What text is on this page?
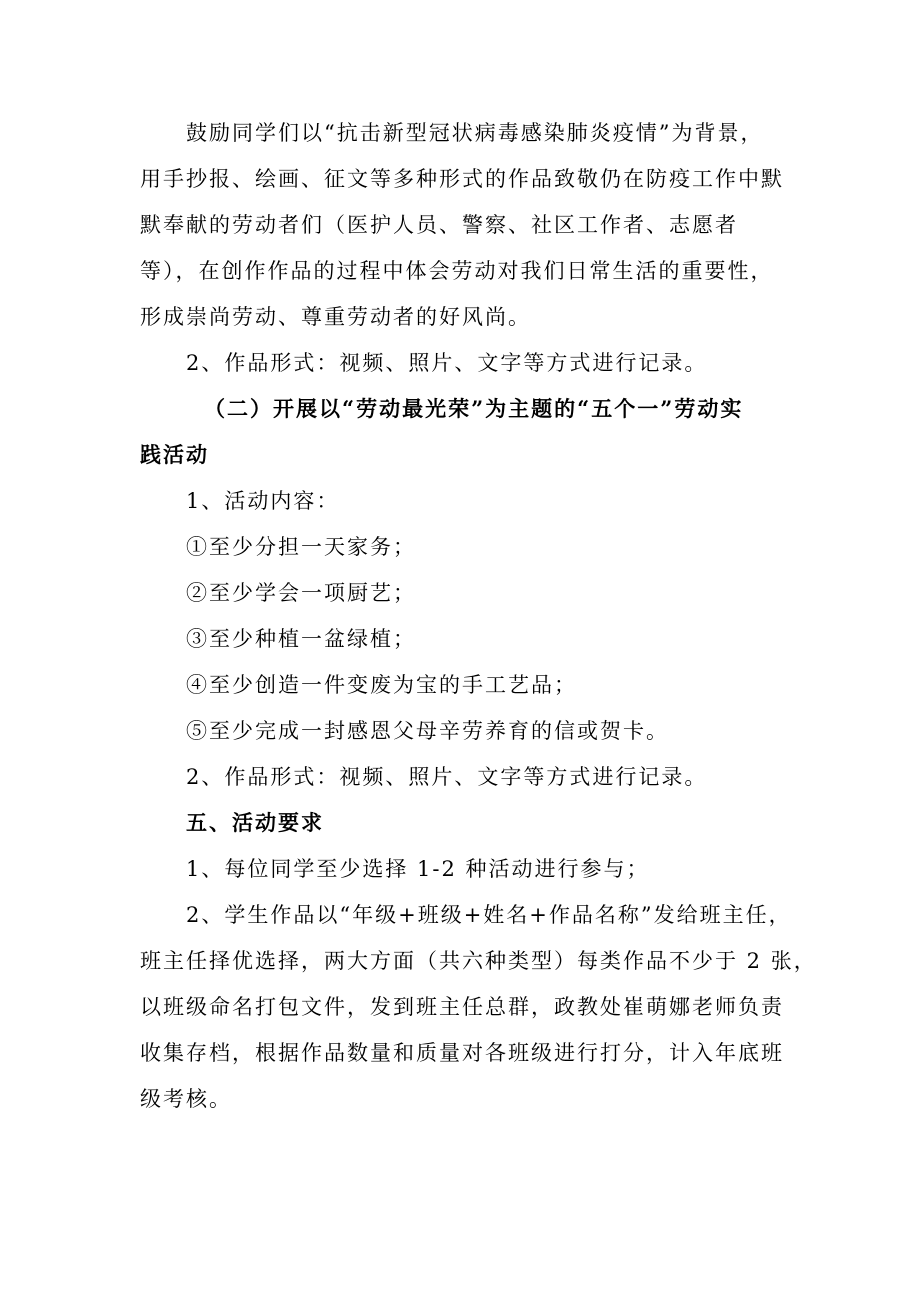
鼓励同学们以“抗击新型冠状病毒感染肺炎疫情”为背景，
用手抄报、绘画、征文等多种形式的作品致敬仍在防疫工作中默
默奉献的劳动者们（医护人员、警察、社区工作者、志愿者
等），在创作作品的过程中体会劳动对我们日常生活的重要性，
形成崇尚劳动、尊重劳动者的好风尚。
2、作品形式：视频、照片、文字等方式进行记录。
（二）开展以“劳动最光荣”为主题的“五个一”劳动实
践活动
1、活动内容：
①至少分担一天家务；
②至少学会一项厨艺；
③至少种植一盆绿植；
④至少创造一件变废为宝的手工艺品；
⑤至少完成一封感恩父母辛劳养育的信或贺卡。
2、作品形式：视频、照片、文字等方式进行记录。
五、活动要求
1、每位同学至少选择 1-2 种活动进行参与；
2、学生作品以“年级+班级+姓名+作品名称”发给班主任，
班主任择优选择，两大方面（共六种类型）每类作品不少于 2 张，
以班级命名打包文件，发到班主任总群，政教处崔萌娜老师负责
收集存档，根据作品数量和质量对各班级进行打分，计入年底班
级考核。
